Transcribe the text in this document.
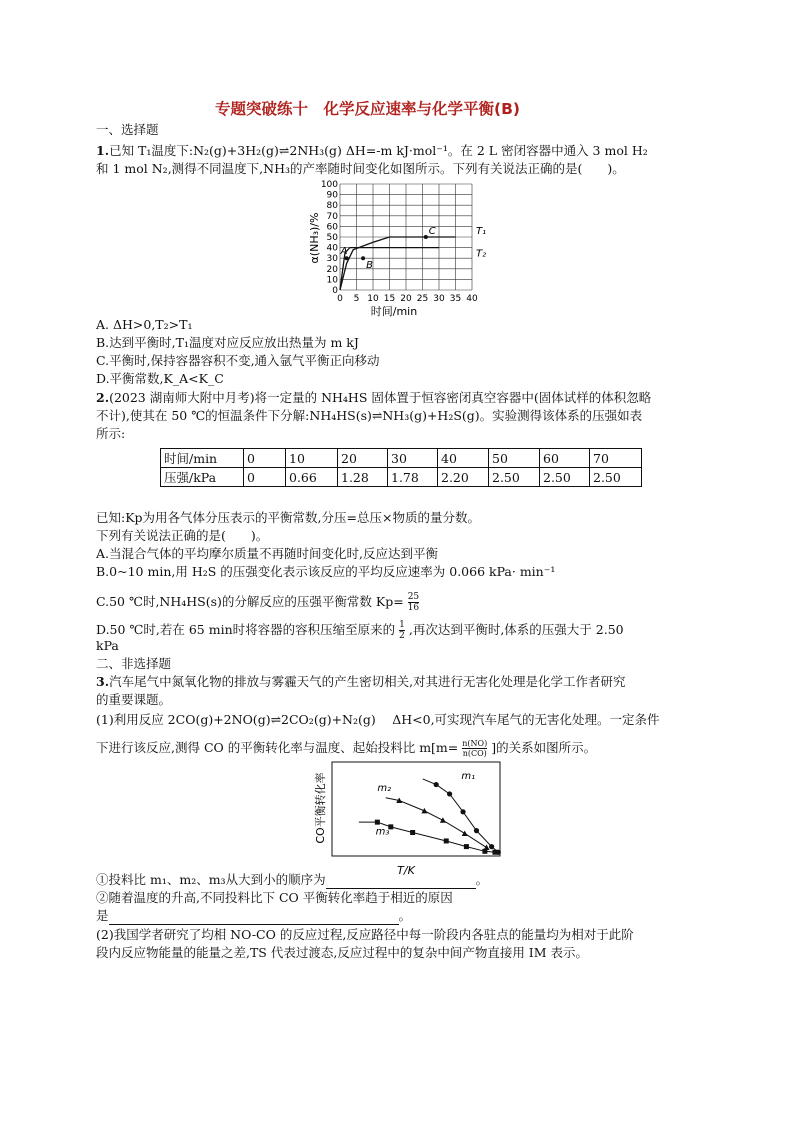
专题突破练十　化学反应速率与化学平衡(B)
一、选择题
1.已知 T₁温度下:N₂(g)+3H₂(g)⇌2NH₃(g) ΔH=-m kJ·mol⁻¹。在 2 L 密闭容器中通入 3 mol H₂
和 1 mol N₂,测得不同温度下,NH₃的产率随时间变化如图所示。下列有关说法正确的是(　　)。
0
10
20
30
40
50
60
70
80
90
100
0 5 10 15 20 25 30 35 40
T₁
T₂
A
B
C
时间/min
α(NH₃)/%
A. ΔH>0,T₂>T₁
B.达到平衡时,T₁温度对应反应放出热量为 m kJ
C.平衡时,保持容器容积不变,通入氩气平衡正向移动
D.平衡常数,K_A<K_C
2.(2023 湖南师大附中月考)将一定量的 NH₄HS 固体置于恒容密闭真空容器中(固体试样的体积忽略
不计),使其在 50 ℃的恒温条件下分解:NH₄HS(s)⇌NH₃(g)+H₂S(g)。实验测得该体系的压强如表
所示:
时间/min	0	10	20	30	40	50	60	70
压强/kPa	0	0.66	1.28	1.78	2.20	2.50	2.50	2.50
已知:Kp为用各气体分压表示的平衡常数,分压=总压×物质的量分数。
下列有关说法正确的是(　　)。
A.当混合气体的平均摩尔质量不再随时间变化时,反应达到平衡
B.0~10 min,用 H₂S 的压强变化表示该反应的平均反应速率为 0.066 kPa· min⁻¹
C.50 ℃时,NH₄HS(s)的分解反应的压强平衡常数 $Kp= \frac{25}{16}$
D.50 ℃时,若在 65 min时将容器的容积压缩至原来的 $\frac{1}{2}$ ,再次达到平衡时,体系的压强大于 2.50
kPa
二、非选择题
3.汽车尾气中氮氧化物的排放与雾霾天气的产生密切相关,对其进行无害化处理是化学工作者研究
的重要课题。
(1)利用反应 2CO(g)+2NO(g)⇌2CO₂(g)+N₂(g)　 ΔH<0,可实现汽车尾气的无害化处理。一定条件
下进行该反应,测得 CO 的平衡转化率与温度、起始投料比 $m[m= \frac{n(NO)}{n(CO)}$ ]的关系如图所示。
m₁
m₂
m₃
T/K
CO平衡转化率
①投料比 m₁、m₂、m₃从大到小的顺序为	。
②随着温度的升高,不同投料比下 CO 平衡转化率趋于相近的原因
是	。
(2)我国学者研究了均相 NO-CO 的反应过程,反应路径中每一阶段内各驻点的能量均为相对于此阶
段内反应物能量的能量之差,TS 代表过渡态,反应过程中的复杂中间产物直接用 IM 表示。
